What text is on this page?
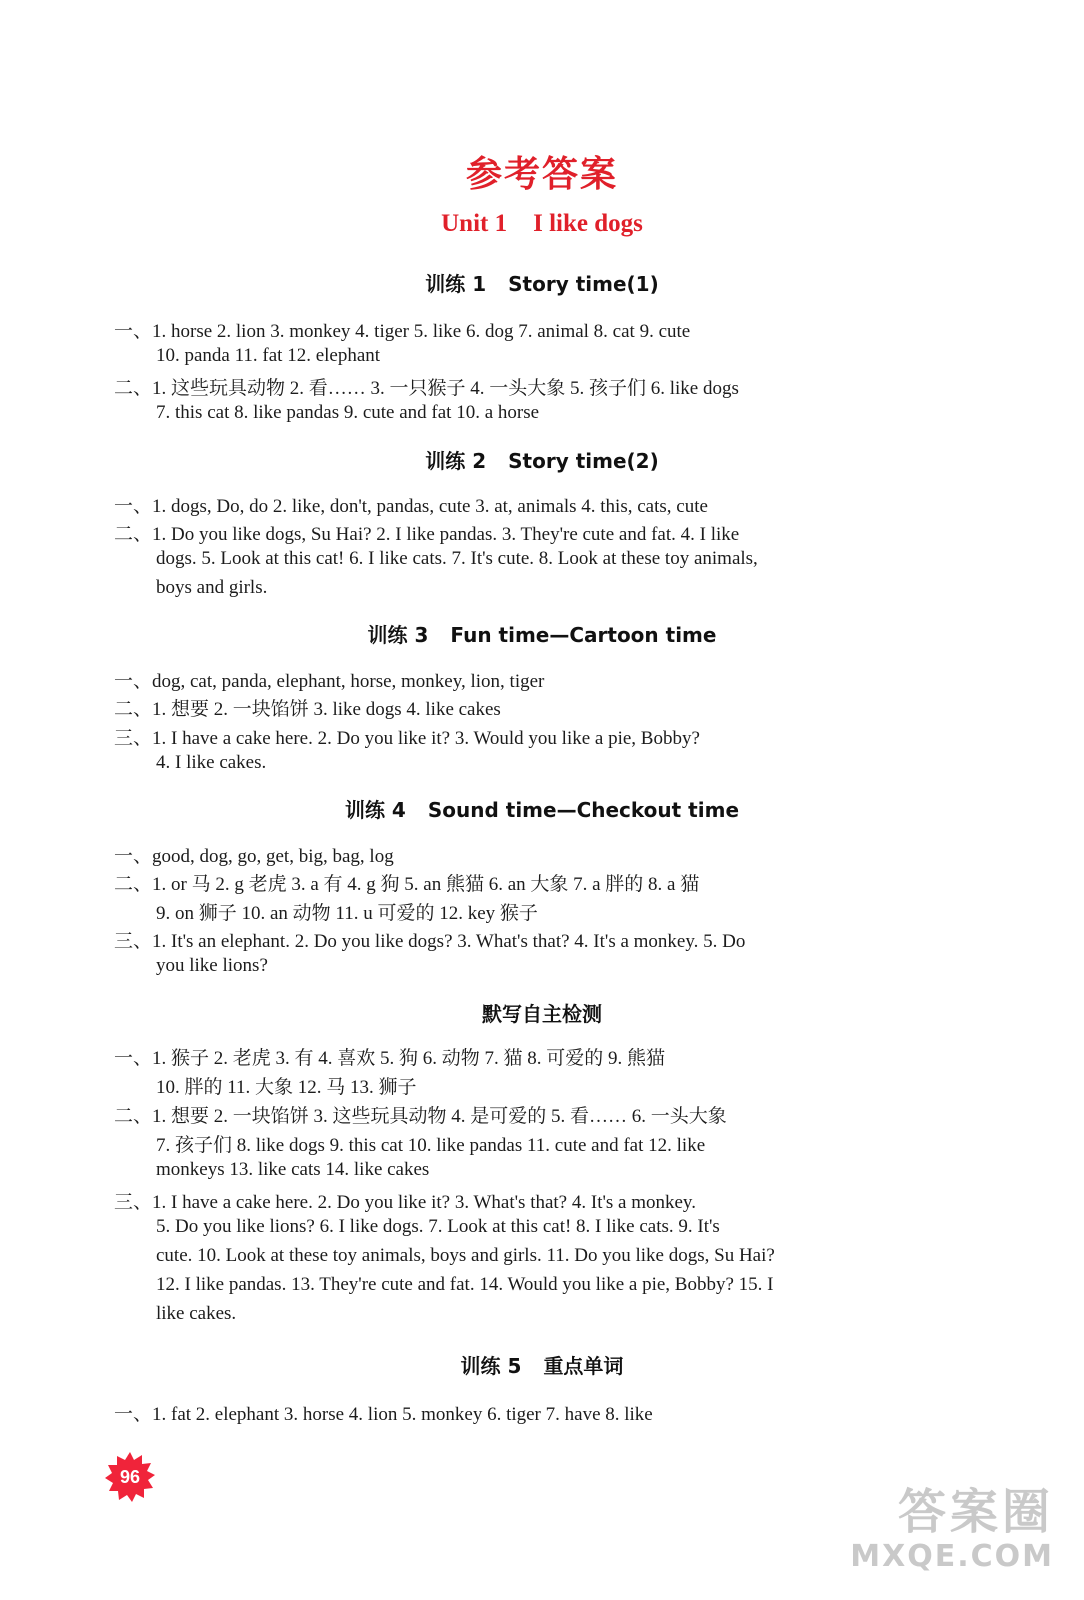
参考答案
Unit 1 I like dogs
训练 1 Story time(1)
一、1. horse 2. lion 3. monkey 4. tiger 5. like 6. dog 7. animal 8. cat 9. cute
10. panda 11. fat 12. elephant
二、1. 这些玩具动物 2. 看…… 3. 一只猴子 4. 一头大象 5. 孩子们 6. like dogs
7. this cat 8. like pandas 9. cute and fat 10. a horse
训练 2 Story time(2)
一、1. dogs, Do, do 2. like, don't, pandas, cute 3. at, animals 4. this, cats, cute
二、1. Do you like dogs, Su Hai? 2. I like pandas. 3. They're cute and fat. 4. I like
dogs. 5. Look at this cat! 6. I like cats. 7. It's cute. 8. Look at these toy animals,
boys and girls.
训练 3 Fun time—Cartoon time
一、dog, cat, panda, elephant, horse, monkey, lion, tiger
二、1. 想要 2. 一块馅饼 3. like dogs 4. like cakes
三、1. I have a cake here. 2. Do you like it? 3. Would you like a pie, Bobby?
4. I like cakes.
训练 4 Sound time—Checkout time
一、good, dog, go, get, big, bag, log
二、1. or 马 2. g 老虎 3. a 有 4. g 狗 5. an 熊猫 6. an 大象 7. a 胖的 8. a 猫
9. on 狮子 10. an 动物 11. u 可爱的 12. key 猴子
三、1. It's an elephant. 2. Do you like dogs? 3. What's that? 4. It's a monkey. 5. Do
you like lions?
默写自主检测
一、1. 猴子 2. 老虎 3. 有 4. 喜欢 5. 狗 6. 动物 7. 猫 8. 可爱的 9. 熊猫
10. 胖的 11. 大象 12. 马 13. 狮子
二、1. 想要 2. 一块馅饼 3. 这些玩具动物 4. 是可爱的 5. 看…… 6. 一头大象
7. 孩子们 8. like dogs 9. this cat 10. like pandas 11. cute and fat 12. like
monkeys 13. like cats 14. like cakes
三、1. I have a cake here. 2. Do you like it? 3. What's that? 4. It's a monkey.
5. Do you like lions? 6. I like dogs. 7. Look at this cat! 8. I like cats. 9. It's
cute. 10. Look at these toy animals, boys and girls. 11. Do you like dogs, Su Hai?
12. I like pandas. 13. They're cute and fat. 14. Would you like a pie, Bobby? 15. I
like cakes.
训练 5 重点单词
一、1. fat 2. elephant 3. horse 4. lion 5. monkey 6. tiger 7. have 8. like
96
答案圈
MXQE.COM
